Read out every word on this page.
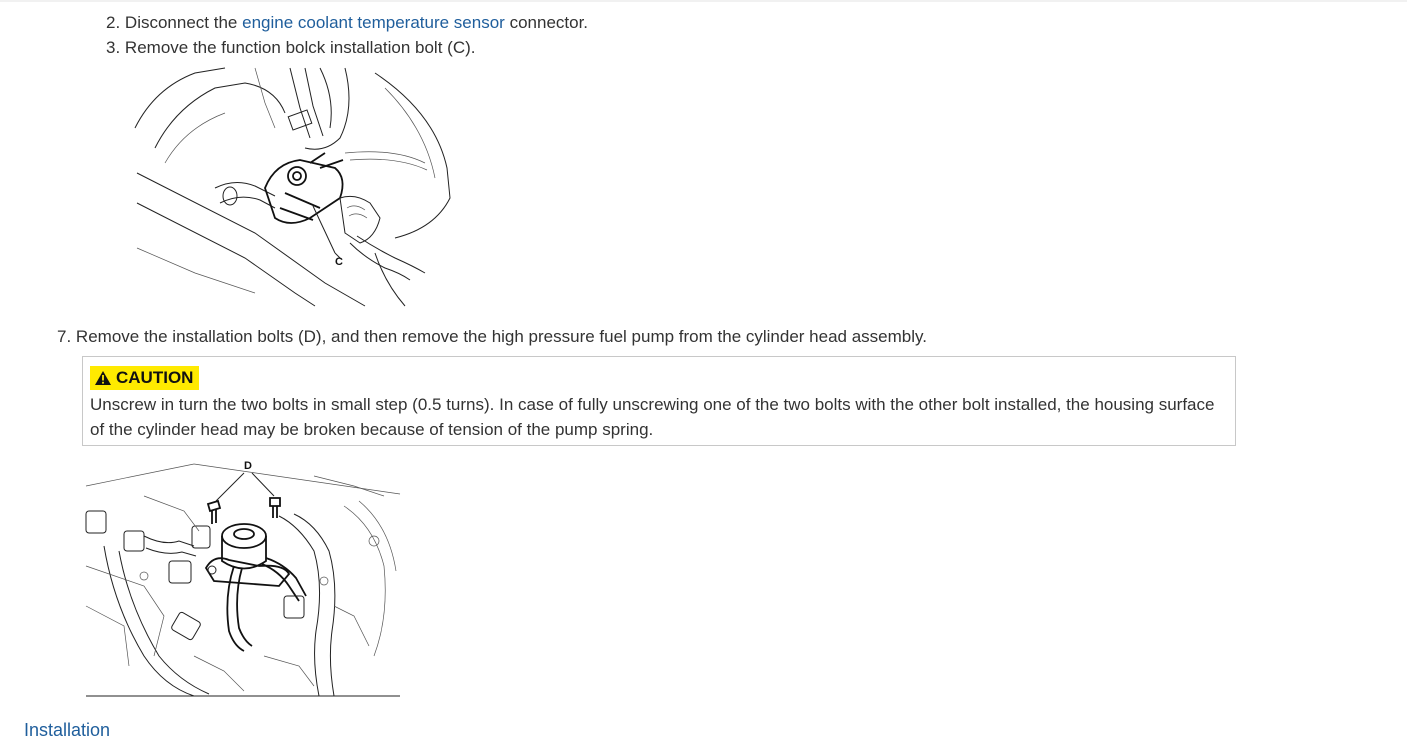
2. Disconnect the engine coolant temperature sensor connector.
3. Remove the function bolck installation bolt (C).
C
7. Remove the installation bolts (D), and then remove the high pressure fuel pump from the cylinder head assembly.
CAUTION
Unscrew in turn the two bolts in small step (0.5 turns). In case of fully unscrewing one of the two bolts with the other bolt installed, the housing surface of the cylinder head may be broken because of tension of the pump spring.
D
Installation
